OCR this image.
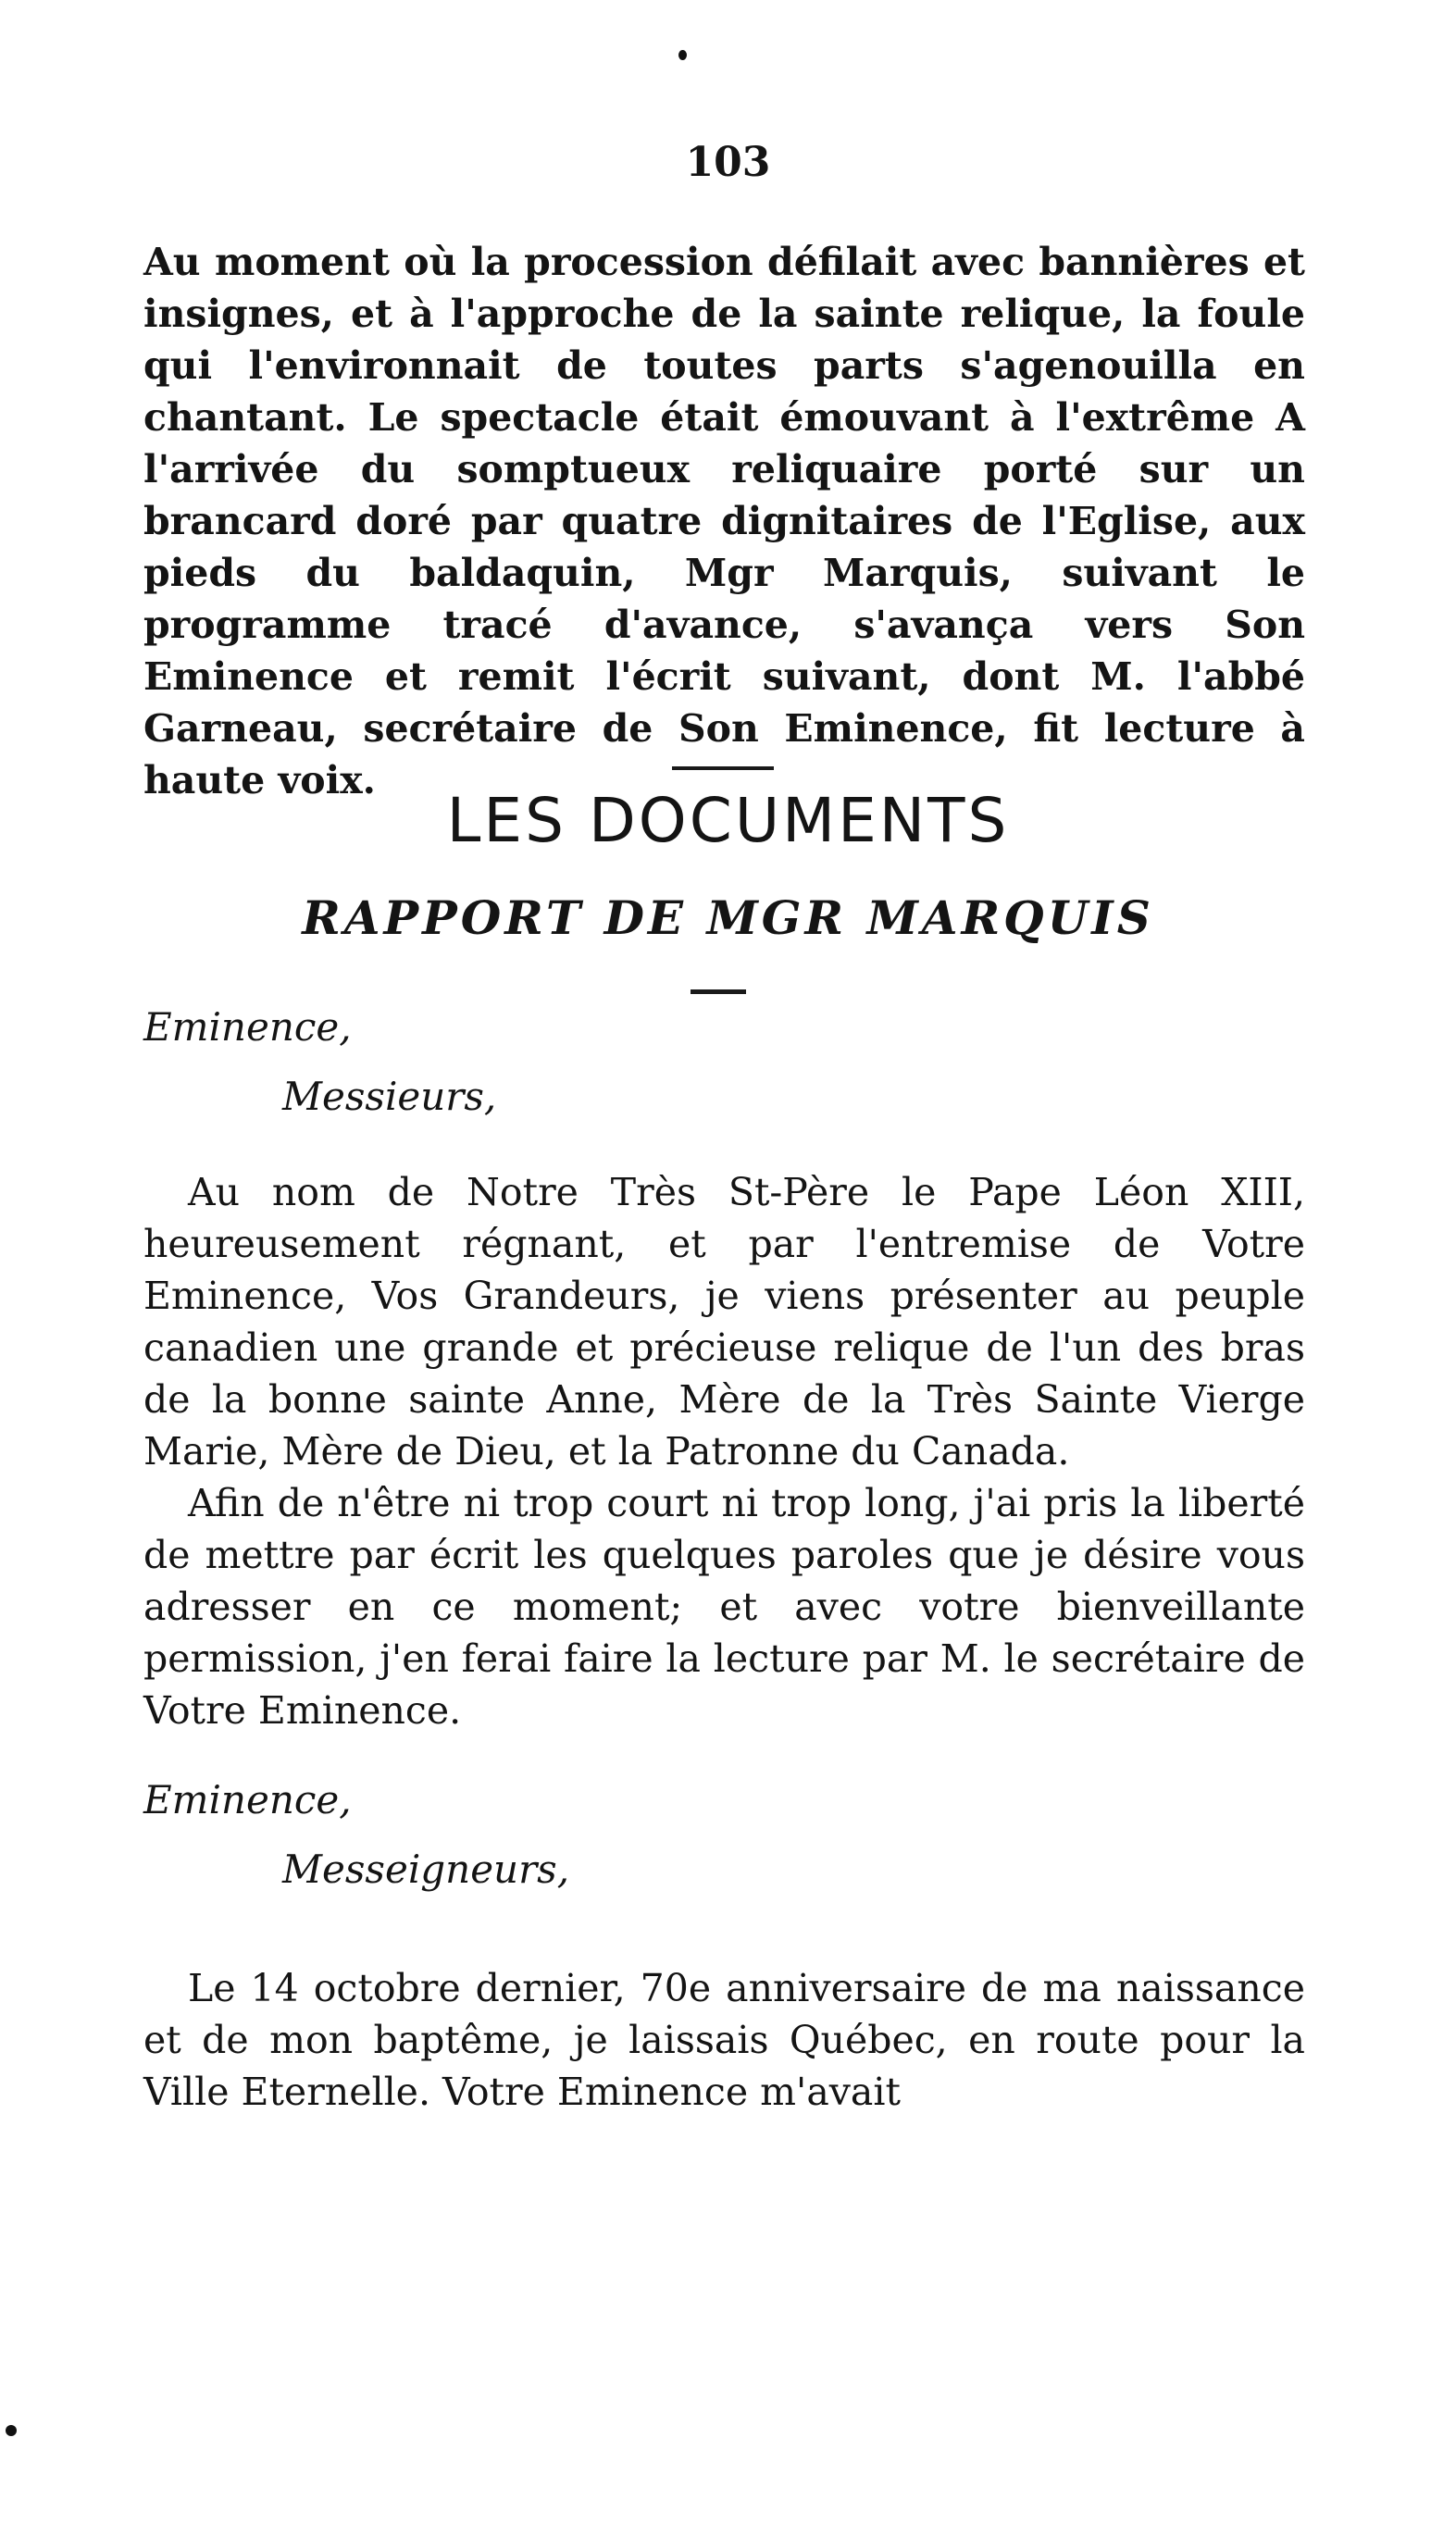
103

Au moment où la procession défilait avec bannières et insignes, et à l'approche de la sainte relique, la foule qui l'environnait de toutes parts s'agenouilla en chantant. Le spectacle était émouvant à l'extrême A l'arrivée du somptueux reliquaire porté sur un brancard doré par quatre dignitaires de l'Eglise, aux pieds du baldaquin, Mgr Marquis, suivant le programme tracé d'avance, s'avança vers Son Eminence et remit l'écrit suivant, dont M. l'abbé Garneau, secrétaire de Son Eminence, fit lecture à haute voix.

LES DOCUMENTS
RAPPORT DE MGR MARQUIS
Eminence,
Messieurs,

Au nom de Notre Très St-Père le Pape Léon XIII, heureusement régnant, et par l'entremise de Votre Eminence, Vos Grandeurs, je viens présenter au peuple canadien une grande et précieuse relique de l'un des bras de la bonne sainte Anne, Mère de la Très Sainte Vierge Marie, Mère de Dieu, et la Patronne du Canada.

Afin de n'être ni trop court ni trop long, j'ai pris la liberté de mettre par écrit les quelques paroles que je désire vous adresser en ce moment; et avec votre bienveillante permission, j'en ferai faire la lecture par M. le secrétaire de Votre Eminence.

Eminence,
Messeigneurs,

Le 14 octobre dernier, 70e anniversaire de ma naissance et de mon baptême, je laissais Québec, en route pour la Ville Eternelle. Votre Eminence m'avait
